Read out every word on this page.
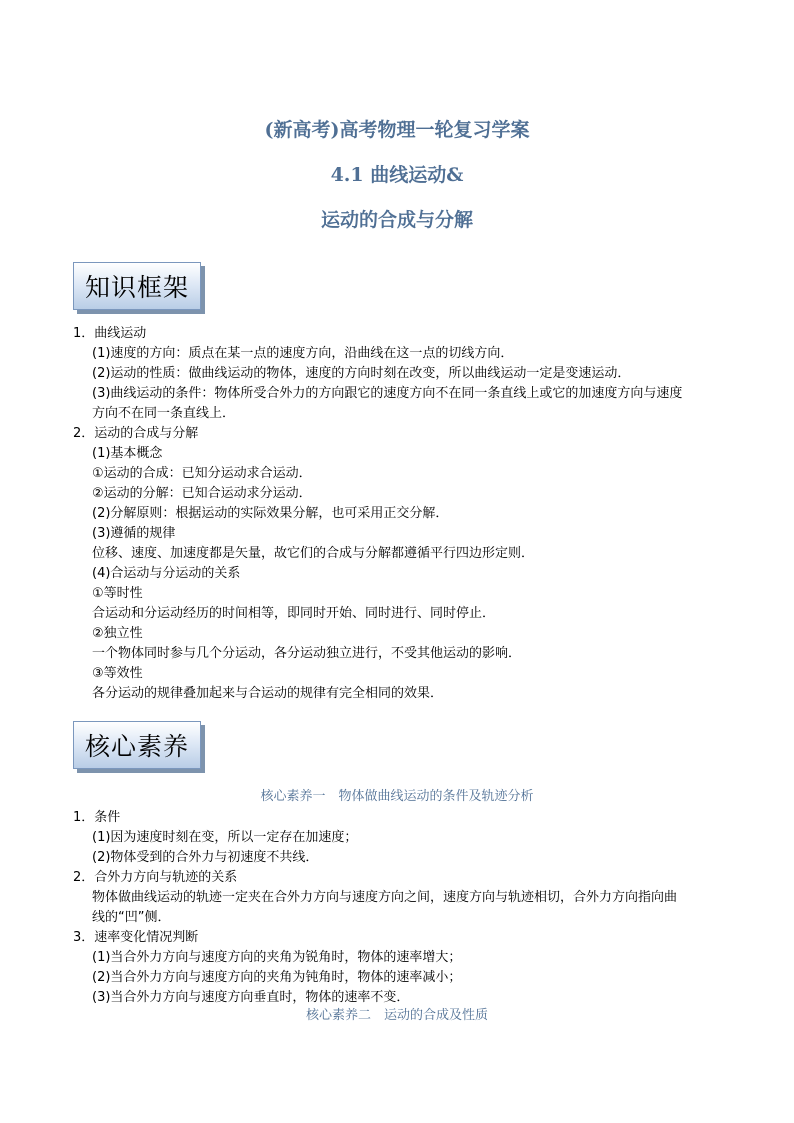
(新高考)高考物理一轮复习学案
4.1 曲线运动&
运动的合成与分解
知识框架
1．曲线运动
(1)速度的方向：质点在某一点的速度方向，沿曲线在这一点的切线方向．
(2)运动的性质：做曲线运动的物体，速度的方向时刻在改变，所以曲线运动一定是变速运动．
(3)曲线运动的条件：物体所受合外力的方向跟它的速度方向不在同一条直线上或它的加速度方向与速度
方向不在同一条直线上．
2．运动的合成与分解
(1)基本概念
①运动的合成：已知分运动求合运动．
②运动的分解：已知合运动求分运动．
(2)分解原则：根据运动的实际效果分解，也可采用正交分解．
(3)遵循的规律
位移、速度、加速度都是矢量，故它们的合成与分解都遵循平行四边形定则．
(4)合运动与分运动的关系
①等时性
合运动和分运动经历的时间相等，即同时开始、同时进行、同时停止．
②独立性
一个物体同时参与几个分运动，各分运动独立进行，不受其他运动的影响．
③等效性
各分运动的规律叠加起来与合运动的规律有完全相同的效果．
核心素养
核心素养一　物体做曲线运动的条件及轨迹分析
1．条件
(1)因为速度时刻在变，所以一定存在加速度；
(2)物体受到的合外力与初速度不共线．
2．合外力方向与轨迹的关系
物体做曲线运动的轨迹一定夹在合外力方向与速度方向之间，速度方向与轨迹相切，合外力方向指向曲
线的“凹”侧．
3．速率变化情况判断
(1)当合外力方向与速度方向的夹角为锐角时，物体的速率增大；
(2)当合外力方向与速度方向的夹角为钝角时，物体的速率减小；
(3)当合外力方向与速度方向垂直时，物体的速率不变．
核心素养二　运动的合成及性质
